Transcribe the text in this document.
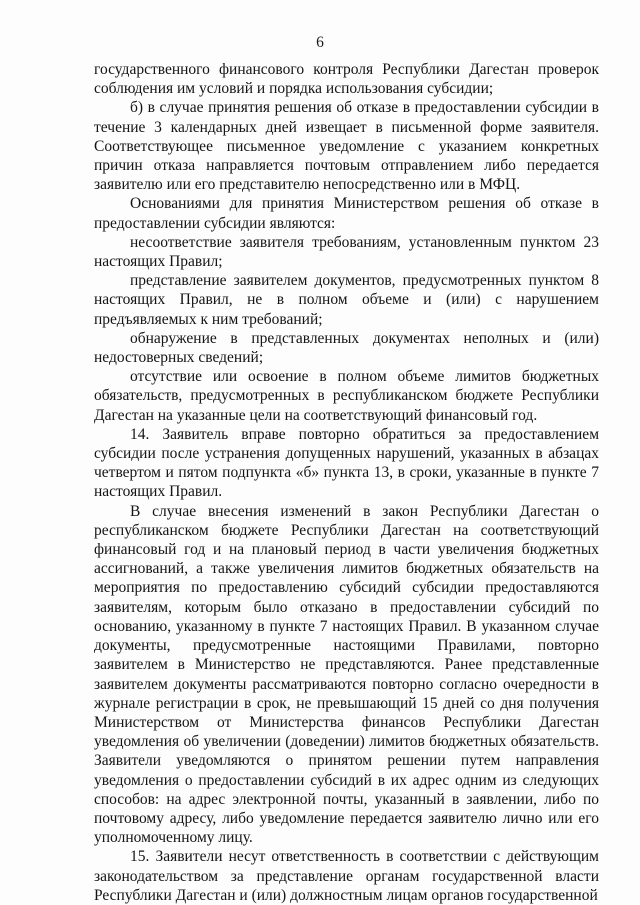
6

государственного финансового контроля Республики Дагестан проверок соблюдения им условий и порядка использования субсидии;

б) в случае принятия решения об отказе в предоставлении субсидии в течение 3 календарных дней извещает в письменной форме заявителя. Соответствующее письменное уведомление с указанием конкретных причин отказа направляется почтовым отправлением либо передается заявителю или его представителю непосредственно или в МФЦ.

Основаниями для принятия Министерством решения об отказе в предоставлении субсидии являются:

несоответствие заявителя требованиям, установленным пунктом 23 настоящих Правил;

представление заявителем документов, предусмотренных пунктом 8 настоящих Правил, не в полном объеме и (или) с нарушением предъявляемых к ним требований;

обнаружение в представленных документах неполных и (или) недостоверных сведений;

отсутствие или освоение в полном объеме лимитов бюджетных обязательств, предусмотренных в республиканском бюджете Республики Дагестан на указанные цели на соответствующий финансовый год.

14. Заявитель вправе повторно обратиться за предоставлением субсидии после устранения допущенных нарушений, указанных в абзацах четвертом и пятом подпункта «б» пункта 13, в сроки, указанные в пункте 7 настоящих Правил.

В случае внесения изменений в закон Республики Дагестан о республиканском бюджете Республики Дагестан на соответствующий финансовый год и на плановый период в части увеличения бюджетных ассигнований, а также увеличения лимитов бюджетных обязательств на мероприятия по предоставлению субсидий субсидии предоставляются заявителям, которым было отказано в предоставлении субсидий по основанию, указанному в пункте 7 настоящих Правил. В указанном случае документы, предусмотренные настоящими Правилами, повторно заявителем в Министерство не представляются. Ранее представленные заявителем документы рассматриваются повторно согласно очередности в журнале регистрации в срок, не превышающий 15 дней со дня получения Министерством от Министерства финансов Республики Дагестан уведомления об увеличении (доведении) лимитов бюджетных обязательств. Заявители уведомляются о принятом решении путем направления уведомления о предоставлении субсидий в их адрес одним из следующих способов: на адрес электронной почты, указанный в заявлении, либо по почтовому адресу, либо уведомление передается заявителю лично или его уполномоченному лицу.

15. Заявители несут ответственность в соответствии с действующим законодательством за представление органам государственной власти Республики Дагестан и (или) должностным лицам органов государственной
